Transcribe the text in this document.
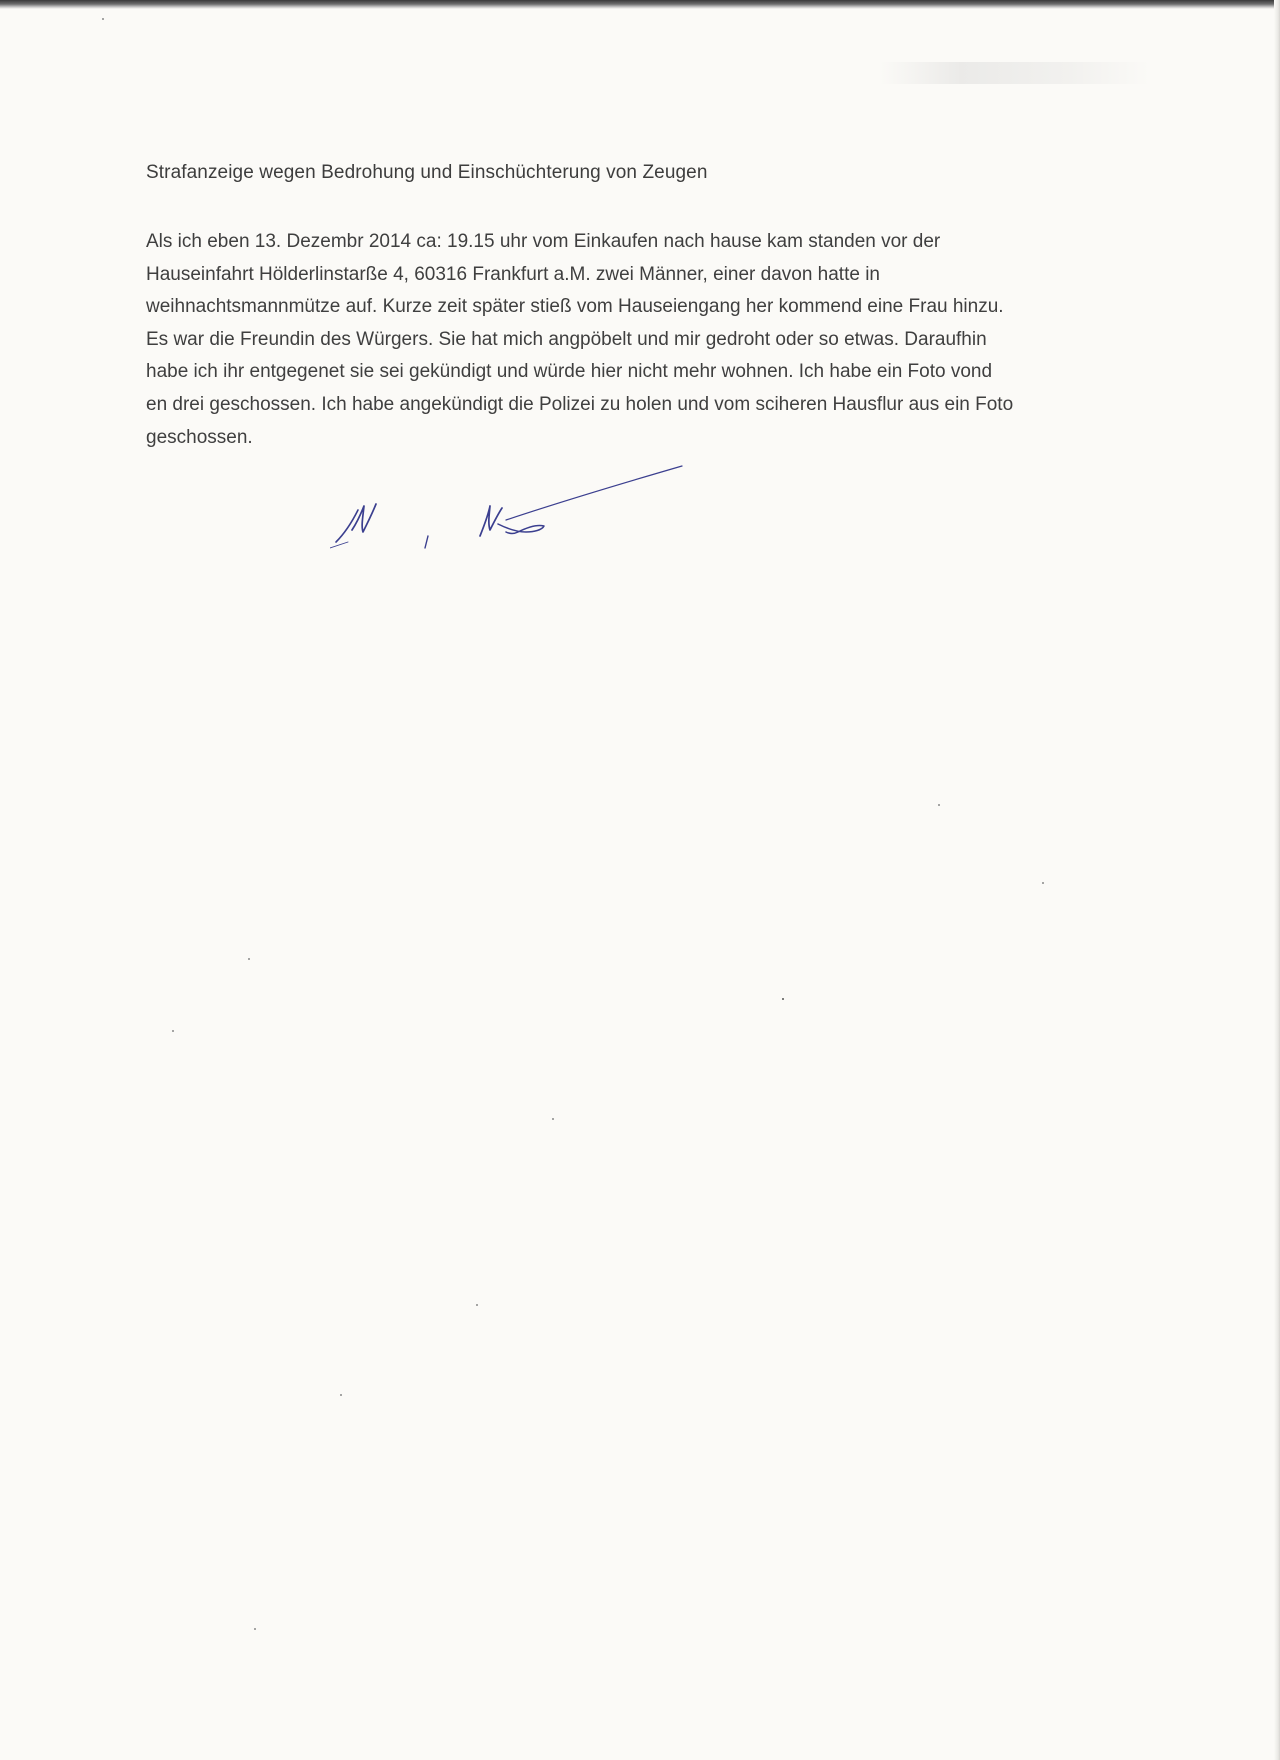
Strafanzeige wegen Bedrohung und Einschüchterung von Zeugen

Als ich eben 13. Dezembr 2014 ca: 19.15 uhr vom Einkaufen nach hause kam standen vor der

Hauseinfahrt Hölderlinstarße 4, 60316 Frankfurt a.M. zwei Männer, einer davon hatte in

weihnachtsmannmütze auf. Kurze zeit später stieß vom Hauseiengang her kommend eine Frau hinzu.

Es war die Freundin des Würgers. Sie hat mich angpöbelt und mir gedroht oder so etwas. Daraufhin

habe ich ihr entgegenet sie sei gekündigt und würde hier nicht mehr wohnen. Ich habe ein Foto vond

en drei geschossen. Ich habe angekündigt die Polizei zu holen und vom sciheren Hausflur aus ein Foto

geschossen.
